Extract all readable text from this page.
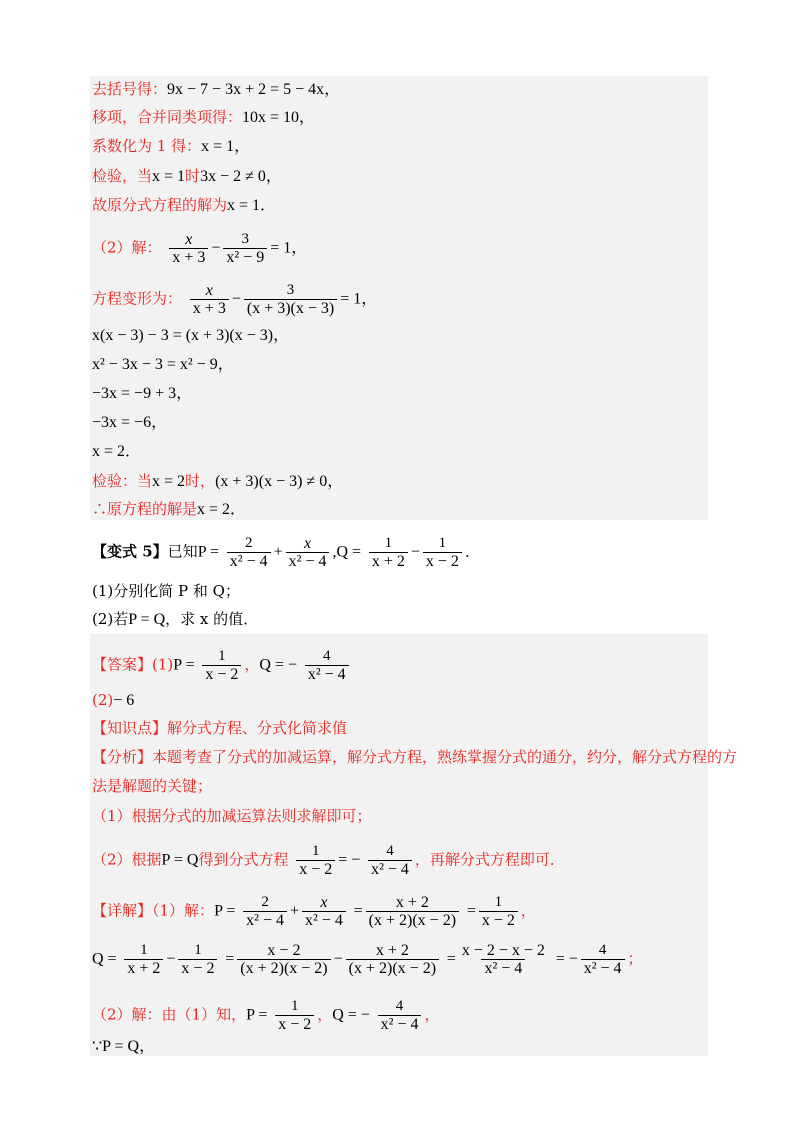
去括号得：9x − 7 − 3x + 2 = 5 − 4x，
移项，合并同类项得：10x = 10，
系数化为 1 得：x = 1，
检验，当x = 1时3x − 2 ≠ 0，
故原分式方程的解为x = 1．
（2）解： $\frac{x}{x + 3} - \frac{3}{\text{x² − 9}} = 1$，
方程变形为： $\frac{x}{x + 3} - \frac{3}{(x + 3)(x - 3)} = 1$，
x(x − 3) − 3 = (x + 3)(x − 3)，
x² − 3x − 3 = x² − 9，
−3x = −9 + 3，
−3x = −6，
x = 2．
检验：当x = 2时，(x + 3)(x − 3) ≠ 0，
∴原方程的解是x = 2．
【变式 5】已知$P = \frac{2}{\text{x² − 4}} + \frac{x}{\text{x² − 4}} ,Q = \frac{1}{x + 2} - \frac{1}{x - 2}$ ．
(1)分别化简 P 和 Q；
(2)若P = Q，求 x 的值．
【答案】$(1)P = \frac{1}{x - 2}$ ，Q = − $\frac{4}{\text{x² − 4}}$
(2)− 6
【知识点】解分式方程、分式化简求值
【分析】本题考查了分式的加减运算，解分式方程，熟练掌握分式的通分，约分，解分式方程的方
法是解题的关键；
（1）根据分式的加减运算法则求解即可；
（2）根据P = Q得到分式方程 $\frac{1}{x - 2}$ = − $\frac{4}{\text{x² − 4}}$ ，再解分式方程即可．
【详解】（1）解：$P = \frac{2}{\text{x² − 4}} + \frac{x}{\text{x² − 4}} = \frac{x + 2}{(x + 2)(x - 2)} = \frac{1}{x - 2}$ ，
$Q = \frac{1}{x + 2} - \frac{1}{x - 2} = \frac{x - 2}{(x + 2)(x - 2)} - \frac{x + 2}{(x + 2)(x - 2)} = \frac{x - 2 - x - 2}{\text{x² − 4}}$ = − $\frac{4}{\text{x² − 4}}$ ；
（2）解：由（1）知，$P = \frac{1}{x - 2}$ ，Q = − $\frac{4}{\text{x² − 4}}$ ，
∵P = Q，
